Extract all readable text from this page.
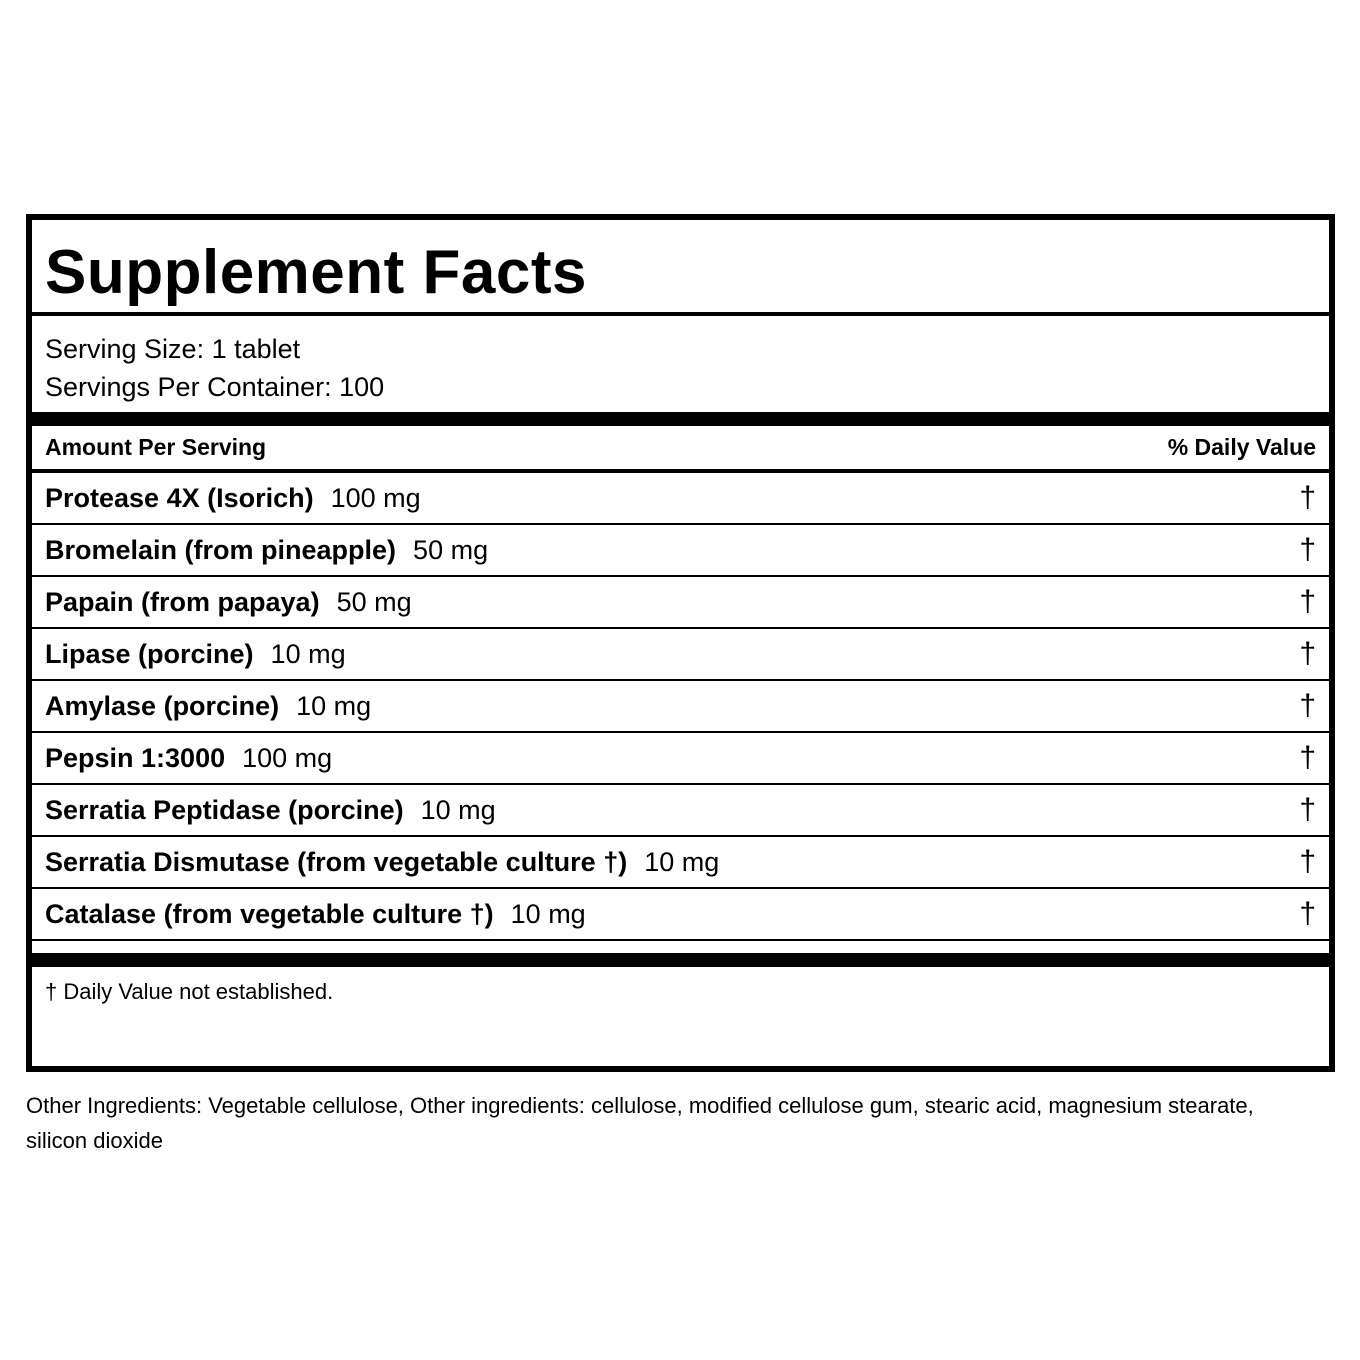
Supplement Facts
Serving Size: 1 tablet
Servings Per Container: 100
Amount Per Serving	% Daily Value
Protease 4X (Isorich) 100 mg	†
Bromelain (from pineapple) 50 mg	†
Papain (from papaya) 50 mg	†
Lipase (porcine) 10 mg	†
Amylase (porcine) 10 mg	†
Pepsin 1:3000 100 mg	†
Serratia Peptidase (porcine) 10 mg	†
Serratia Dismutase (from vegetable culture †) 10 mg	†
Catalase (from vegetable culture †) 10 mg	†
† Daily Value not established.
Other Ingredients: Vegetable cellulose, Other ingredients: cellulose, modified cellulose gum, stearic acid, magnesium stearate, silicon dioxide
